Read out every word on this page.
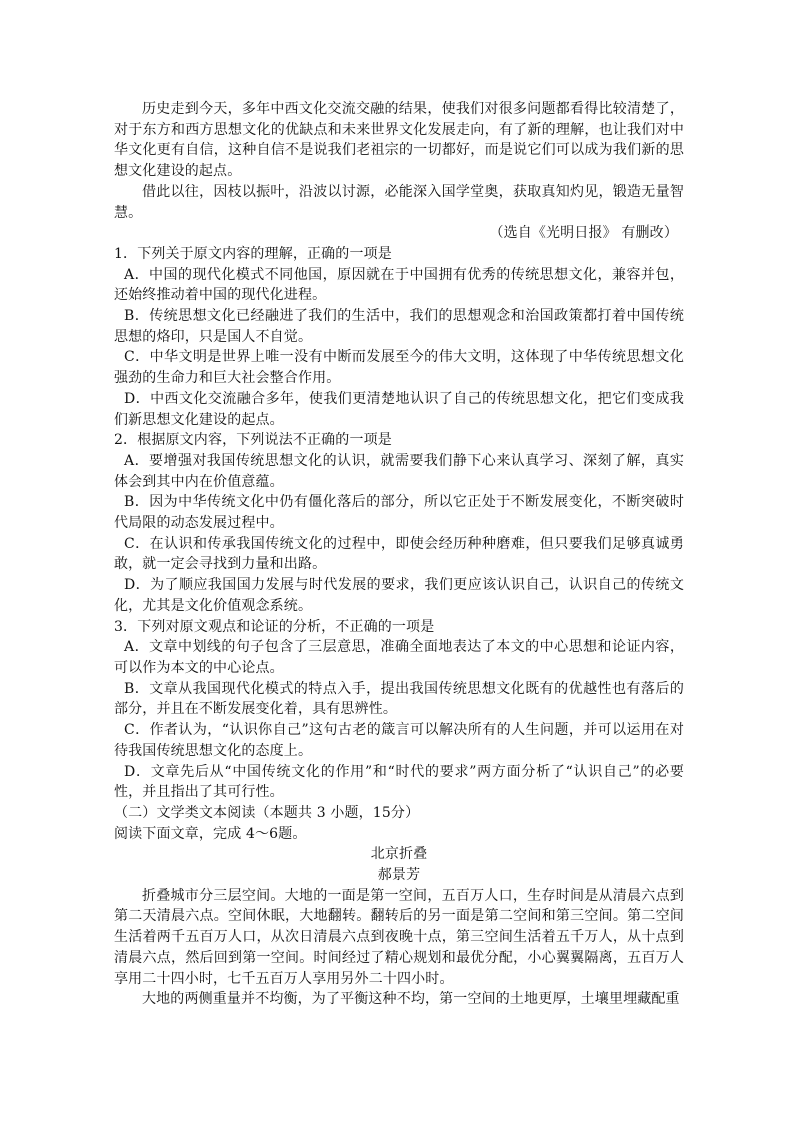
历史走到今天，多年中西文化交流交融的结果，使我们对很多问题都看得比较清楚了，对于东方和西方思想文化的优缺点和未来世界文化发展走向，有了新的理解，也让我们对中华文化更有自信，这种自信不是说我们老祖宗的一切都好，而是说它们可以成为我们新的思想文化建设的起点。

借此以往，因枝以振叶，沿波以讨源，必能深入国学堂奥，获取真知灼见，锻造无量智慧。

（选自《光明日报》 有删改）

1．下列关于原文内容的理解，正确的一项是

A．中国的现代化模式不同他国，原因就在于中国拥有优秀的传统思想文化，兼容并包，还始终推动着中国的现代化进程。

B．传统思想文化已经融进了我们的生活中，我们的思想观念和治国政策都打着中国传统思想的烙印，只是国人不自觉。

C．中华文明是世界上唯一没有中断而发展至今的伟大文明，这体现了中华传统思想文化强劲的生命力和巨大社会整合作用。

D．中西文化交流融合多年，使我们更清楚地认识了自己的传统思想文化，把它们变成我们新思想文化建设的起点。

2．根据原文内容，下列说法不正确的一项是

A．要增强对我国传统思想文化的认识，就需要我们静下心来认真学习、深刻了解，真实体会到其中内在价值意蕴。

B．因为中华传统文化中仍有僵化落后的部分，所以它正处于不断发展变化，不断突破时代局限的动态发展过程中。

C．在认识和传承我国传统文化的过程中，即使会经历种种磨难，但只要我们足够真诚勇敢，就一定会寻找到力量和出路。

D．为了顺应我国国力发展与时代发展的要求，我们更应该认识自己，认识自己的传统文化，尤其是文化价值观念系统。

3．下列对原文观点和论证的分析，不正确的一项是

A．文章中划线的句子包含了三层意思，准确全面地表达了本文的中心思想和论证内容，可以作为本文的中心论点。

B．文章从我国现代化模式的特点入手，提出我国传统思想文化既有的优越性也有落后的部分，并且在不断发展变化着，具有思辨性。

C．作者认为，“认识你自己”这句古老的箴言可以解决所有的人生问题，并可以运用在对待我国传统思想文化的态度上。

D．文章先后从“中国传统文化的作用”和“时代的要求”两方面分析了“认识自己”的必要性，并且指出了其可行性。

（二）文学类文本阅读（本题共 3 小题，15分）

阅读下面文章，完成 4～6题。

北京折叠

郝景芳

折叠城市分三层空间。大地的一面是第一空间，五百万人口，生存时间是从清晨六点到第二天清晨六点。空间休眠，大地翻转。翻转后的另一面是第二空间和第三空间。第二空间生活着两千五百万人口，从次日清晨六点到夜晚十点，第三空间生活着五千万人，从十点到清晨六点，然后回到第一空间。时间经过了精心规划和最优分配，小心翼翼隔离，五百万人享用二十四小时，七千五百万人享用另外二十四小时。

大地的两侧重量并不均衡，为了平衡这种不均，第一空间的土地更厚，土壤里埋藏配重
